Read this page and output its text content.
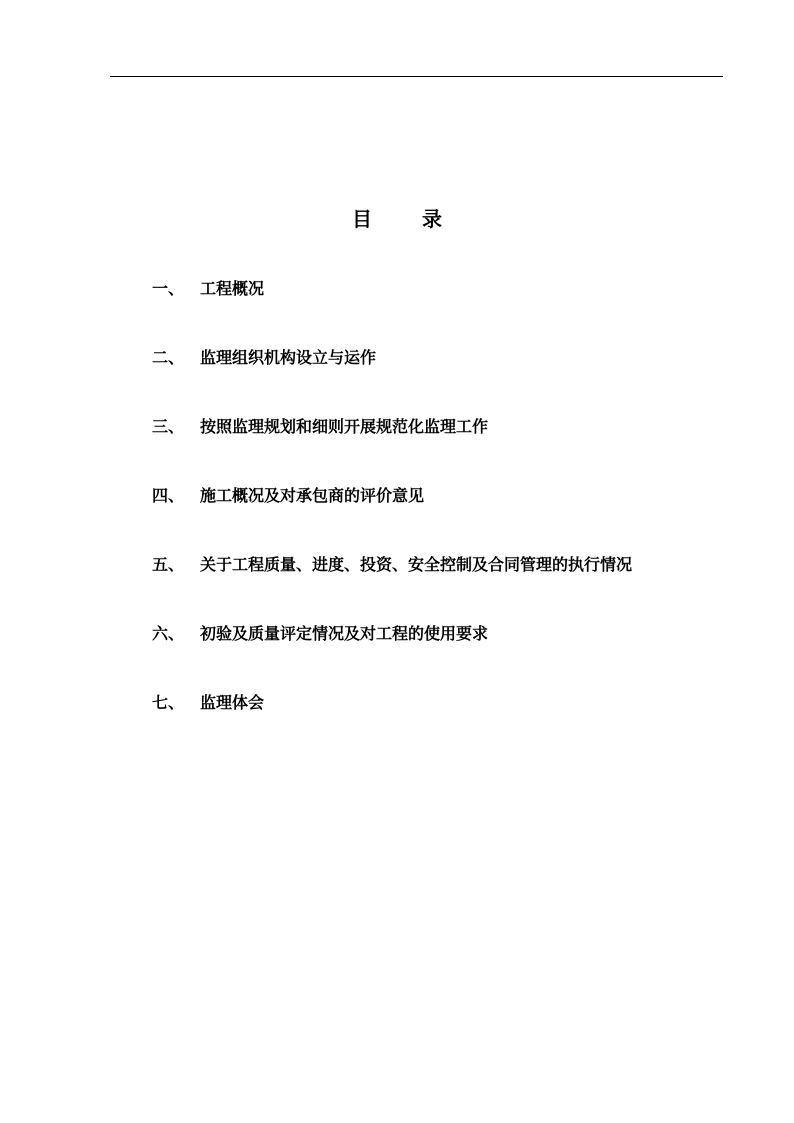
目	录
一、 工程概况
二、 监理组织机构设立与运作
三、 按照监理规划和细则开展规范化监理工作
四、 施工概况及对承包商的评价意见
五、 关于工程质量、进度、投资、安全控制及合同管理的执行情况
六、 初验及质量评定情况及对工程的使用要求
七、 监理体会
